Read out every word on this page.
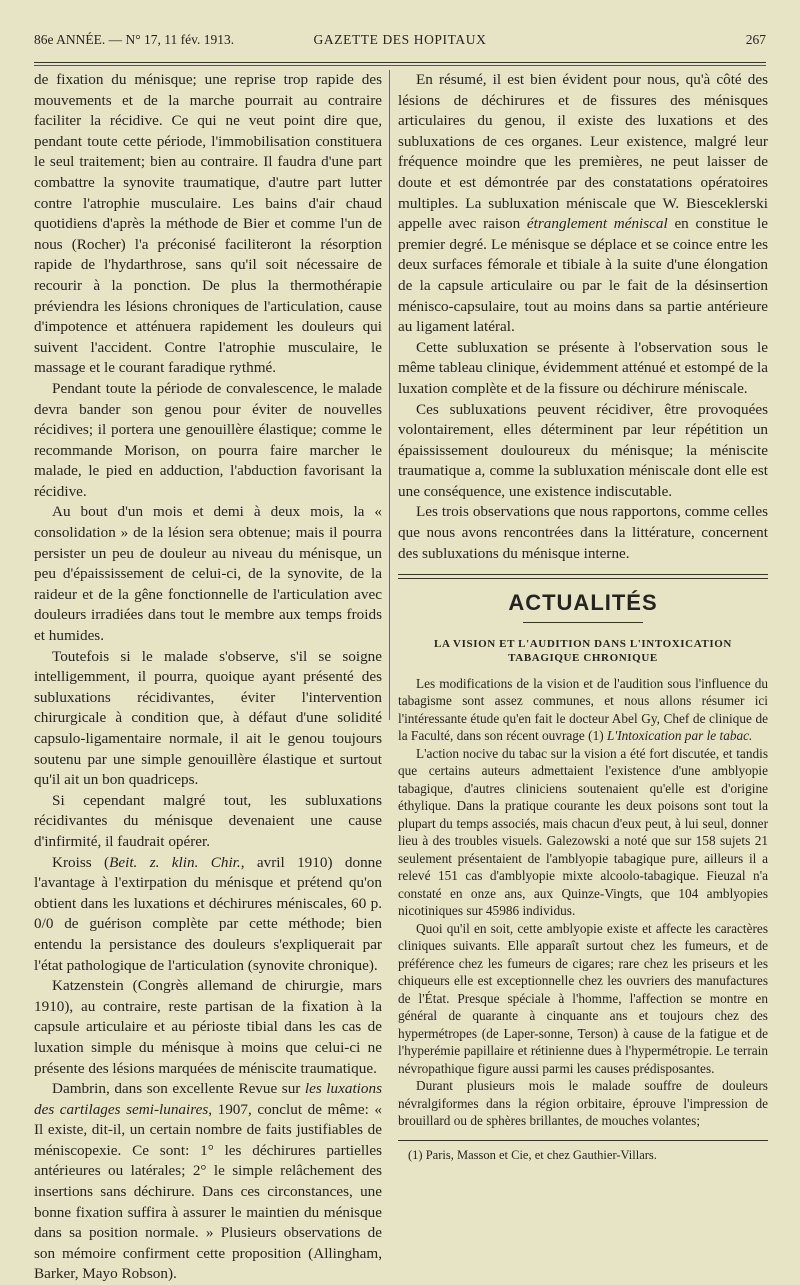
86e ANNÉE. — N° 17, 11 fév. 1913.	GAZETTE DES HOPITAUX	267

de fixation du ménisque; une reprise trop rapide des mouvements et de la marche pourrait au contraire faciliter la récidive. Ce qui ne veut point dire que, pendant toute cette période, l'immobilisation constituera le seul traitement; bien au contraire. Il faudra d'une part combattre la synovite traumatique, d'autre part lutter contre l'atrophie musculaire. Les bains d'air chaud quotidiens d'après la méthode de Bier et comme l'un de nous (Rocher) l'a préconisé faciliteront la résorption rapide de l'hydarthrose, sans qu'il soit nécessaire de recourir à la ponction. De plus la thermothérapie préviendra les lésions chroniques de l'articulation, cause d'impotence et atténuera rapidement les douleurs qui suivent l'accident. Contre l'atrophie musculaire, le massage et le courant faradique rythmé.

Pendant toute la période de convalescence, le malade devra bander son genou pour éviter de nouvelles récidives; il portera une genouillère élastique; comme le recommande Morison, on pourra faire marcher le malade, le pied en adduction, l'abduction favorisant la récidive.

Au bout d'un mois et demi à deux mois, la « consolidation » de la lésion sera obtenue; mais il pourra persister un peu de douleur au niveau du ménisque, un peu d'épaississement de celui-ci, de la synovite, de la raideur et de la gêne fonctionnelle de l'articulation avec douleurs irradiées dans tout le membre aux temps froids et humides.

Toutefois si le malade s'observe, s'il se soigne intelligemment, il pourra, quoique ayant présenté des subluxations récidivantes, éviter l'intervention chirurgicale à condition que, à défaut d'une solidité capsulo-ligamentaire normale, il ait le genou toujours soutenu par une simple genouillère élastique et surtout qu'il ait un bon quadriceps.

Si cependant malgré tout, les subluxations récidivantes du ménisque devenaient une cause d'infirmité, il faudrait opérer.

Kroiss (Beit. z. klin. Chir., avril 1910) donne l'avantage à l'extirpation du ménisque et prétend qu'on obtient dans les luxations et déchirures méniscales, 60 p. 0/0 de guérison complète par cette méthode; bien entendu la persistance des douleurs s'expliquerait par l'état pathologique de l'articulation (synovite chronique).

Katzenstein (Congrès allemand de chirurgie, mars 1910), au contraire, reste partisan de la fixation à la capsule articulaire et au périoste tibial dans les cas de luxation simple du ménisque à moins que celui-ci ne présente des lésions marquées de méniscite traumatique.

Dambrin, dans son excellente Revue sur les luxations des cartilages semi-lunaires, 1907, conclut de même: « Il existe, dit-il, un certain nombre de faits justifiables de méniscopexie. Ce sont: 1° les déchirures partielles antérieures ou latérales; 2° le simple relâchement des insertions sans déchirure. Dans ces circonstances, une bonne fixation suffira à assurer le maintien du ménisque dans sa position normale. » Plusieurs observations de son mémoire confirment cette proposition (Allingham, Barker, Mayo Robson).

En résumé, il est bien évident pour nous, qu'à côté des lésions de déchirures et de fissures des ménisques articulaires du genou, il existe des luxations et des subluxations de ces organes. Leur existence, malgré leur fréquence moindre que les premières, ne peut laisser de doute et est démontrée par des constatations opératoires multiples. La subluxation méniscale que W. Biesceklerski appelle avec raison étranglement méniscal en constitue le premier degré. Le ménisque se déplace et se coince entre les deux surfaces fémorale et tibiale à la suite d'une élongation de la capsule articulaire ou par le fait de la désinsertion ménisco-capsulaire, tout au moins dans sa partie antérieure au ligament latéral.

Cette subluxation se présente à l'observation sous le même tableau clinique, évidemment atténué et estompé de la luxation complète et de la fissure ou déchirure méniscale.

Ces subluxations peuvent récidiver, être provoquées volontairement, elles déterminent par leur répétition un épaississement douloureux du ménisque; la méniscite traumatique a, comme la subluxation méniscale dont elle est une conséquence, une existence indiscutable.

Les trois observations que nous rapportons, comme celles que nous avons rencontrées dans la littérature, concernent des subluxations du ménisque interne.

ACTUALITÉS
LA VISION ET L'AUDITION DANS L'INTOXICATION TABAGIQUE CHRONIQUE

Les modifications de la vision et de l'audition sous l'influence du tabagisme sont assez communes, et nous allons résumer ici l'intéressante étude qu'en fait le docteur Abel Gy, Chef de clinique de la Faculté, dans son récent ouvrage (1) L'Intoxication par le tabac.

L'action nocive du tabac sur la vision a été fort discutée, et tandis que certains auteurs admettaient l'existence d'une amblyopie tabagique, d'autres cliniciens soutenaient qu'elle est d'origine éthylique. Dans la pratique courante les deux poisons sont tout la plupart du temps associés, mais chacun d'eux peut, à lui seul, donner lieu à des troubles visuels. Galezowski a noté que sur 158 sujets 21 seulement présentaient de l'amblyopie tabagique pure, ailleurs il a relevé 151 cas d'amblyopie mixte alcoolo-tabagique. Fieuzal n'a constaté en onze ans, aux Quinze-Vingts, que 104 amblyopies nicotiniques sur 45986 individus.

Quoi qu'il en soit, cette amblyopie existe et affecte les caractères cliniques suivants. Elle apparaît surtout chez les fumeurs, et de préférence chez les fumeurs de cigares; rare chez les priseurs et les chiqueurs elle est exceptionnelle chez les ouvriers des manufactures de l'État. Presque spéciale à l'homme, l'affection se montre en général de quarante à cinquante ans et toujours chez des hypermétropes (de Laper-sonne, Terson) à cause de la fatigue et de l'hyperémie papillaire et rétinienne dues à l'hypermétropie. Le terrain névropathique figure aussi parmi les causes prédisposantes.

Durant plusieurs mois le malade souffre de douleurs névralgiformes dans la région orbitaire, éprouve l'impression de brouillard ou de sphères brillantes, de mouches volantes;

(1) Paris, Masson et Cie, et chez Gauthier-Villars.
